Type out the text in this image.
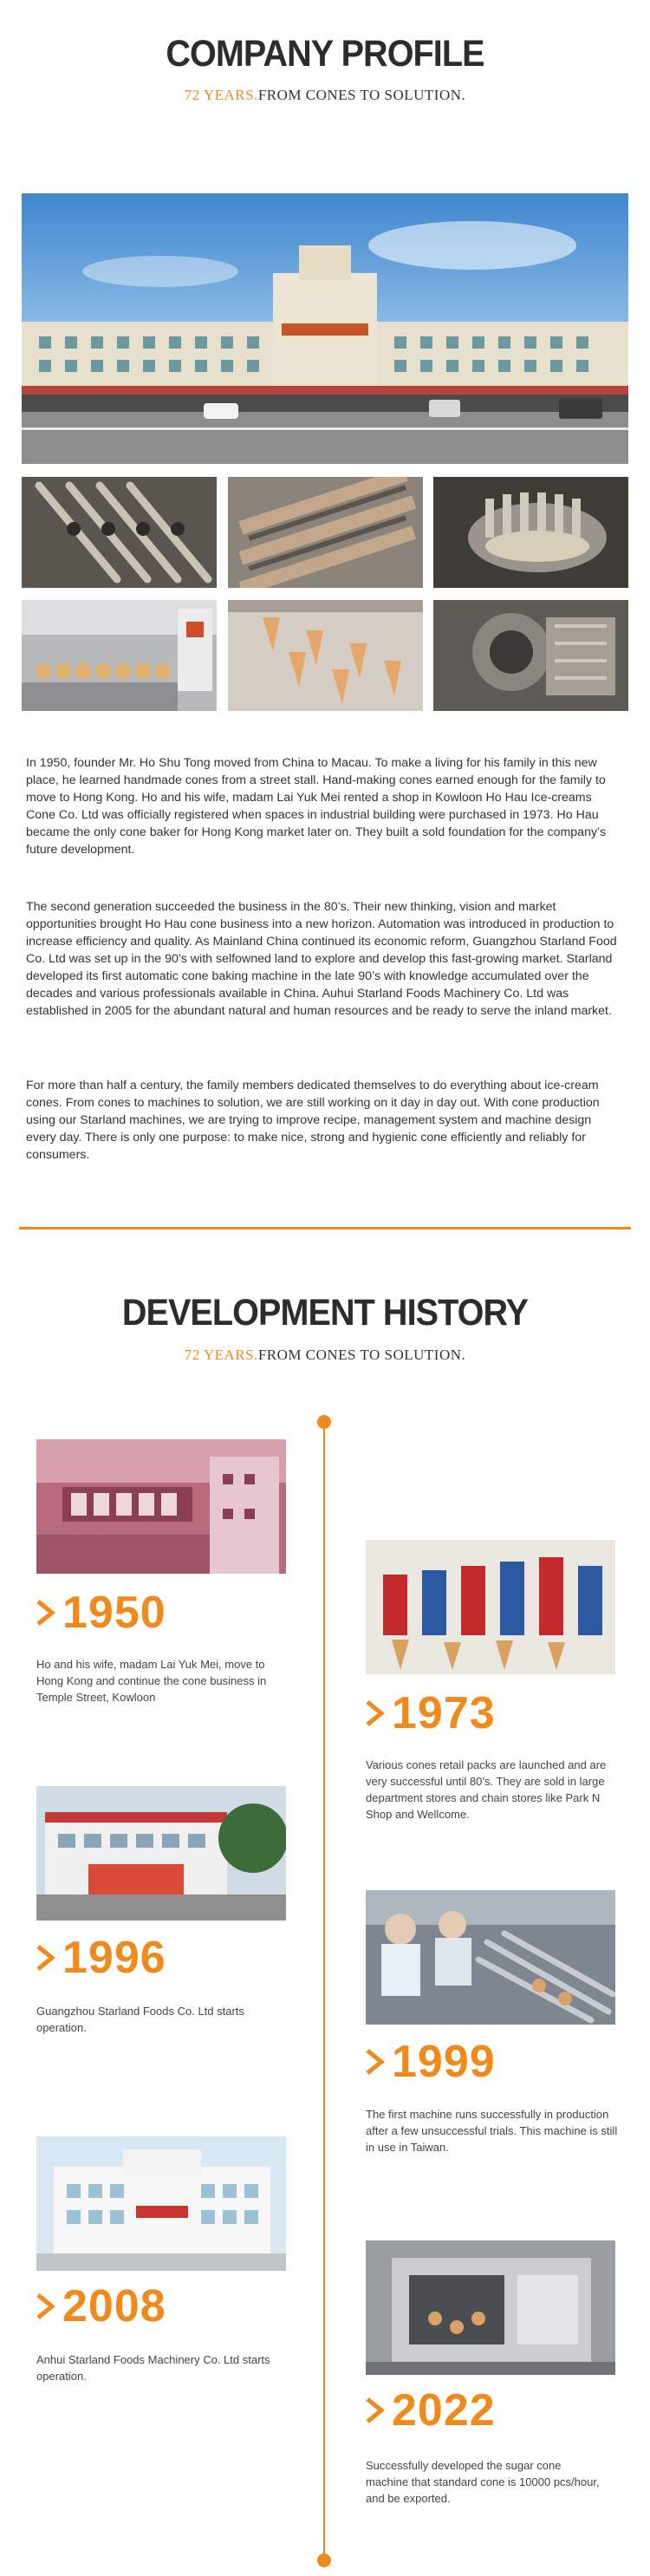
COMPANY PROFILE
72 YEARS.FROM CONES TO SOLUTION.

In 1950, founder Mr. Ho Shu Tong moved from China to Macau. To make a living for his family in this new place, he learned handmade cones from a street stall. Hand-making cones earned enough for the family to move to Hong Kong. Ho and his wife, madam Lai Yuk Mei rented a shop in Kowloon Ho Hau Ice-creams Cone Co. Ltd was officially registered when spaces in industrial building were purchased in 1973. Ho Hau became the only cone baker for Hong Kong market later on. They built a sold foundation for the company’s future development.

The second generation succeeded the business in the 80’s. Their new thinking, vision and market opportunities brought Ho Hau cone business into a new horizon. Automation was introduced in production to increase efficiency and quality. As Mainland China continued its economic reform, Guangzhou Starland Food Co. Ltd was set up in the 90’s with selfowned land to explore and develop this fast-growing market. Starland developed its first automatic cone baking machine in the late 90’s with knowledge accumulated over the decades and various professionals available in China. Auhui Starland Foods Machinery Co. Ltd was established in 2005 for the abundant natural and human resources and be ready to serve the inland market.

For more than half a century, the family members dedicated themselves to do everything about ice-cream cones. From cones to machines to solution, we are still working on it day in day out. With cone production using our Starland machines, we are trying to improve recipe, management system and machine design every day. There is only one purpose: to make nice, strong and hygienic cone efficiently and reliably for consumers.

DEVELOPMENT HISTORY
72 YEARS.FROM CONES TO SOLUTION.
1950

Ho and his wife, madam Lai Yuk Mei, move to Hong Kong and continue the cone business in Temple Street, Kowloon	1973

Various cones retail packs are launched and are very successful until 80’s. They are sold in large department stores and chain stores like Park N Shop and Wellcome.

1996

Guangzhou Starland Foods Co. Ltd starts operation.

1999

The first machine runs successfully in production after a few unsuccessful trials. This machine is still in use in Taiwan.

2008

Anhui Starland Foods Machinery Co. Ltd starts operation.

2022

Successfully developed the sugar cone machine that standard cone is 10000 pcs/hour, and be exported.
